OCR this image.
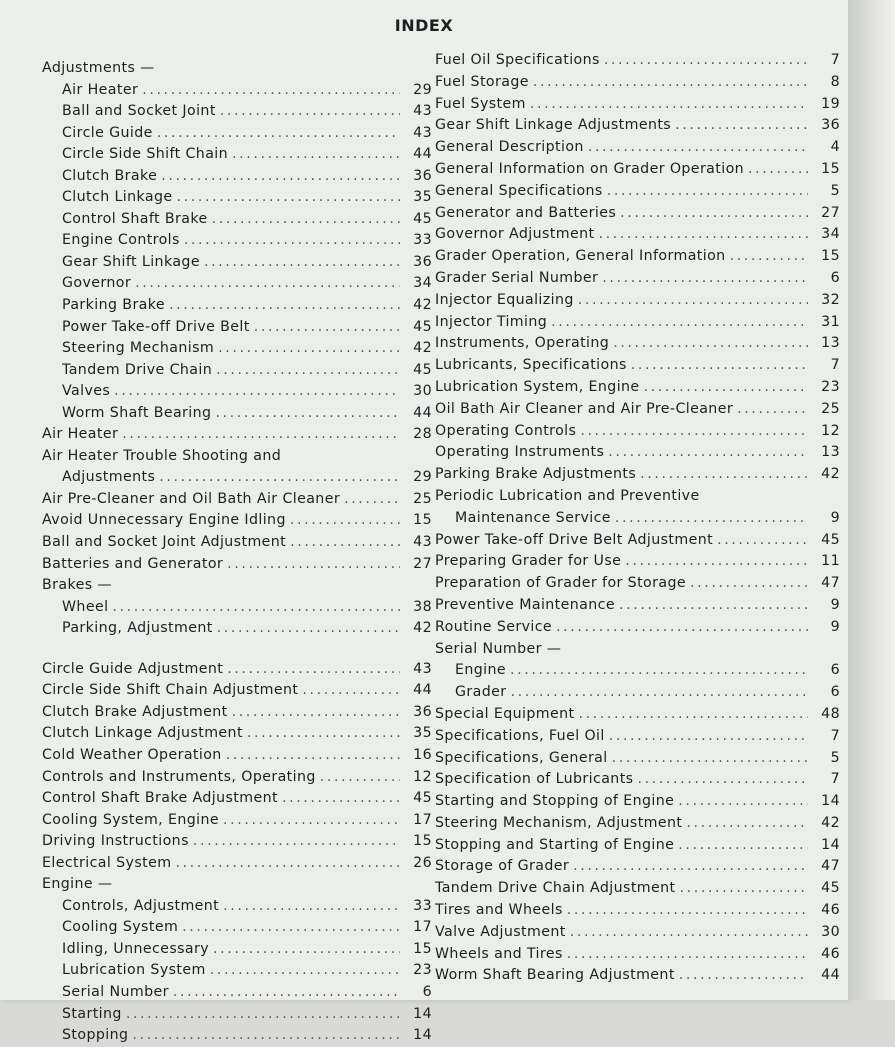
INDEX
Adjustments —
Air Heater .....	29
Ball and Socket Joint .....	43
Circle Guide .....	43
Circle Side Shift Chain .....	44
Clutch Brake .....	36
Clutch Linkage .....	35
Control Shaft Brake .....	45
Engine Controls .....	33
Gear Shift Linkage .....	36
Governor .....	34
Parking Brake .....	42
Power Take-off Drive Belt .....	45
Steering Mechanism .....	42
Tandem Drive Chain .....	45
Valves .....	30
Worm Shaft Bearing .....	44
Air Heater .....	28
Air Heater Trouble Shooting and
Adjustments .....	29
Air Pre-Cleaner and Oil Bath Air Cleaner .....	25
Avoid Unnecessary Engine Idling .....	15
Ball and Socket Joint Adjustment .....	43
Batteries and Generator .....	27
Brakes —
Wheel .....	38
Parking, Adjustment .....	42
Circle Guide Adjustment .....	43
Circle Side Shift Chain Adjustment .....	44
Clutch Brake Adjustment .....	36
Clutch Linkage Adjustment .....	35
Cold Weather Operation .....	16
Controls and Instruments, Operating .....	12
Control Shaft Brake Adjustment .....	45
Cooling System, Engine .....	17
Driving Instructions .....	15
Electrical System .....	26
Engine —
Controls, Adjustment .....	33
Cooling System .....	17
Idling, Unnecessary .....	15
Lubrication System .....	23
Serial Number .....	6
Starting .....	14
Stopping .....	14
Fuel Oil Specifications .....	7
Fuel Storage .....	8
Fuel System .....	19
Gear Shift Linkage Adjustments .....	36
General Description .....	4
General Information on Grader Operation .....	15
General Specifications .....	5
Generator and Batteries .....	27
Governor Adjustment .....	34
Grader Operation, General Information .....	15
Grader Serial Number .....	6
Injector Equalizing .....	32
Injector Timing .....	31
Instruments, Operating .....	13
Lubricants, Specifications .....	7
Lubrication System, Engine .....	23
Oil Bath Air Cleaner and Air Pre-Cleaner .....	25
Operating Controls .....	12
Operating Instruments .....	13
Parking Brake Adjustments .....	42
Periodic Lubrication and Preventive
Maintenance Service .....	9
Power Take-off Drive Belt Adjustment .....	45
Preparing Grader for Use .....	11
Preparation of Grader for Storage .....	47
Preventive Maintenance .....	9
Routine Service .....	9
Serial Number —
Engine .....	6
Grader .....	6
Special Equipment .....	48
Specifications, Fuel Oil .....	7
Specifications, General .....	5
Specification of Lubricants .....	7
Starting and Stopping of Engine .....	14
Steering Mechanism, Adjustment .....	42
Stopping and Starting of Engine .....	14
Storage of Grader .....	47
Tandem Drive Chain Adjustment .....	45
Tires and Wheels .....	46
Valve Adjustment .....	30
Wheels and Tires .....	46
Worm Shaft Bearing Adjustment .....	44
